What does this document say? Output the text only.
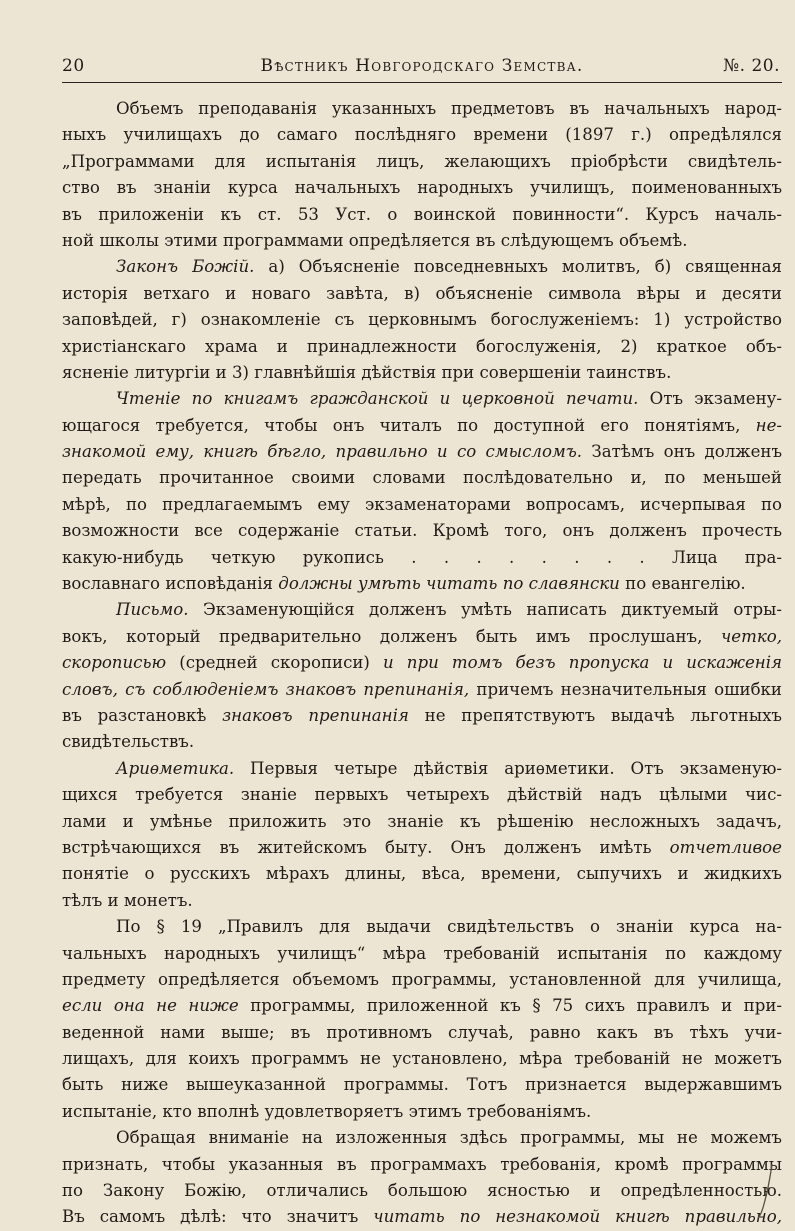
20	Вѣстникъ Новгородскаго Земства.	№. 20.
Объемъ преподаванія указанныхъ предметовъ въ начальныхъ народ-
ныхъ училищахъ до самаго послѣдняго времени (1897 г.) опредѣлялся
„Программами для испытанія лицъ, желающихъ пріобрѣсти свидѣтель-
ство въ знаніи курса начальныхъ народныхъ училищъ, поименованныхъ
въ приложеніи къ ст. 53 Уст. о воинской повинности“. Курсъ началь-
ной школы этими программами опредѣляется въ слѣдующемъ объемѣ.
Законъ Божій. а) Объясненіе повседневныхъ молитвъ, б) священная
исторія ветхаго и новаго завѣта, в) объясненіе символа вѣры и десяти
заповѣдей, г) ознакомленіе съ церковнымъ богослуженіемъ: 1) устройство
христіанскаго храма и принадлежности богослуженія, 2) краткое объ-
ясненіе литургіи и 3) главнѣйшія дѣйствія при совершеніи таинствъ.
Чтеніе по книгамъ гражданской и церковной печати. Отъ экзамену-
ющагося требуется, чтобы онъ читалъ по доступной его понятіямъ, не-
знакомой ему, книгѣ бѣгло, правильно и со смысломъ. Затѣмъ онъ долженъ
передать прочитанное своими словами послѣдовательно и, по меньшей
мѣрѣ, по предлагаемымъ ему экзаменаторами вопросамъ, исчерпывая по
возможности все содержаніе статьи. Кромѣ того, онъ долженъ прочесть
какую-нибудь четкую рукопись . . . . . . . . Лица пра-
вославнаго исповѣданія должны умѣть читать по славянски по евангелію.
Письмо. Экзаменующійся долженъ умѣть написать диктуемый отры-
вокъ, который предварительно долженъ быть имъ прослушанъ, четко,
скорописью (средней скорописи) и при томъ безъ пропуска и искаженія
словъ, съ соблюденіемъ знаковъ препинанія, причемъ незначительныя ошибки
въ разстановкѣ знаковъ препинанія не препятствуютъ выдачѣ льготныхъ
свидѣтельствъ.
Ариѳметика. Первыя четыре дѣйствія ариѳметики. Отъ экзаменую-
щихся требуется знаніе первыхъ четырехъ дѣйствій надъ цѣлыми чис-
лами и умѣнье приложить это знаніе къ рѣшенію несложныхъ задачъ,
встрѣчающихся въ житейскомъ быту. Онъ долженъ имѣть отчетливое
понятіе о русскихъ мѣрахъ длины, вѣса, времени, сыпучихъ и жидкихъ
тѣлъ и монетъ.
По § 19 „Правилъ для выдачи свидѣтельствъ о знаніи курса на-
чальныхъ народныхъ училищъ“ мѣра требованій испытанія по каждому
предмету опредѣляется объемомъ программы, установленной для училища,
если она не ниже программы, приложенной къ § 75 сихъ правилъ и при-
веденной нами выше; въ противномъ случаѣ, равно какъ въ тѣхъ учи-
лищахъ, для коихъ программъ не установлено, мѣра требованій не можетъ
быть ниже вышеуказанной программы. Тотъ признается выдержавшимъ
испытаніе, кто вполнѣ удовлетворяетъ этимъ требованіямъ.
Обращая вниманіе на изложенныя здѣсь программы, мы не можемъ
признать, чтобы указанныя въ программахъ требованія, кромѣ программы
по Закону Божію, отличались большою ясностью и опредѣленностью.
Въ самомъ дѣлѣ: что значитъ читать по незнакомой книгѣ правильно,
